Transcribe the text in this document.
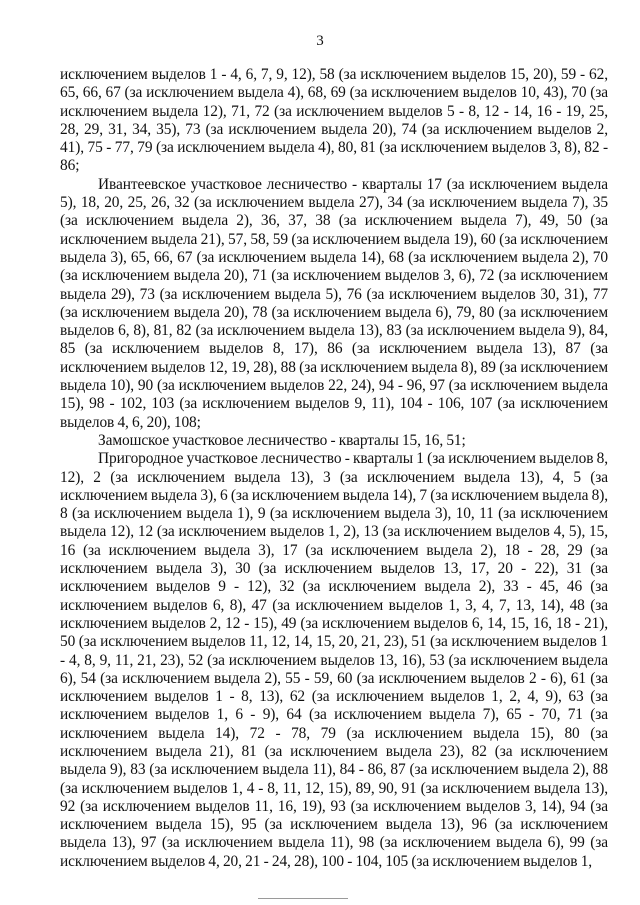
3

исключением выделов 1 - 4, 6, 7, 9, 12), 58 (за исключением выделов 15, 20), 59 - 62, 65, 66, 67 (за исключением выдела 4), 68, 69 (за исключением выделов 10, 43), 70 (за исключением выдела 12), 71, 72 (за исключением выделов 5 - 8, 12 - 14, 16 - 19, 25, 28, 29, 31, 34, 35), 73 (за исключением выдела 20), 74 (за исключением выделов 2, 41), 75 - 77, 79 (за исключением выдела 4), 80, 81 (за исключением выделов 3, 8), 82 - 86;

Ивантеевское участковое лесничество - кварталы 17 (за исключением выдела 5), 18, 20, 25, 26, 32 (за исключением выдела 27), 34 (за исключением выдела 7), 35 (за исключением выдела 2), 36, 37, 38 (за исключением выдела 7), 49, 50 (за исключением выдела 21), 57, 58, 59 (за исключением выдела 19), 60 (за исключением выдела 3), 65, 66, 67 (за исключением выдела 14), 68 (за исключением выдела 2), 70 (за исключением выдела 20), 71 (за исключением выделов 3, 6), 72 (за исключением выдела 29), 73 (за исключением выдела 5), 76 (за исключением выделов 30, 31), 77 (за исключением выдела 20), 78 (за исключением выдела 6), 79, 80 (за исключением выделов 6, 8), 81, 82 (за исключением выдела 13), 83 (за исключением выдела 9), 84, 85 (за исключением выделов 8, 17), 86 (за исключением выдела 13), 87 (за исключением выделов 12, 19, 28), 88 (за исключением выдела 8), 89 (за исключением выдела 10), 90 (за исключением выделов 22, 24), 94 - 96, 97 (за исключением выдела 15), 98 - 102, 103 (за исключением выделов 9, 11), 104 - 106, 107 (за исключением выделов 4, 6, 20), 108;

Замошское участковое лесничество - кварталы 15, 16, 51;

Пригородное участковое лесничество - кварталы 1 (за исключением выделов 8, 12), 2 (за исключением выдела 13), 3 (за исключением выдела 13), 4, 5 (за исключением выдела 3), 6 (за исключением выдела 14), 7 (за исключением выдела 8), 8 (за исключением выдела 1), 9 (за исключением выдела 3), 10, 11 (за исключением выдела 12), 12 (за исключением выделов 1, 2), 13 (за исключением выделов 4, 5), 15, 16 (за исключением выдела 3), 17 (за исключением выдела 2), 18 - 28, 29 (за исключением выдела 3), 30 (за исключением выделов 13, 17, 20 - 22), 31 (за исключением выделов 9 - 12), 32 (за исключением выдела 2), 33 - 45, 46 (за исключением выделов 6, 8), 47 (за исключением выделов 1, 3, 4, 7, 13, 14), 48 (за исключением выделов 2, 12 - 15), 49 (за исключением выделов 6, 14, 15, 16, 18 - 21), 50 (за исключением выделов 11, 12, 14, 15, 20, 21, 23), 51 (за исключением выделов 1 - 4, 8, 9, 11, 21, 23), 52 (за исключением выделов 13, 16), 53 (за исключением выдела 6), 54 (за исключением выдела 2), 55 - 59, 60 (за исключением выделов 2 - 6), 61 (за исключением выделов 1 - 8, 13), 62 (за исключением выделов 1, 2, 4, 9), 63 (за исключением выделов 1, 6 - 9), 64 (за исключением выдела 7), 65 - 70, 71 (за исключением выдела 14), 72 - 78, 79 (за исключением выдела 15), 80 (за исключением выдела 21), 81 (за исключением выдела 23), 82 (за исключением выдела 9), 83 (за исключением выдела 11), 84 - 86, 87 (за исключением выдела 2), 88 (за исключением выделов 1, 4 - 8, 11, 12, 15), 89, 90, 91 (за исключением выдела 13), 92 (за исключением выделов 11, 16, 19), 93 (за исключением выделов 3, 14), 94 (за исключением выдела 15), 95 (за исключением выдела 13), 96 (за исключением выдела 13), 97 (за исключением выдела 11), 98 (за исключением выдела 6), 99 (за исключением выделов 4, 20, 21 - 24, 28), 100 - 104, 105 (за исключением выделов 1,
